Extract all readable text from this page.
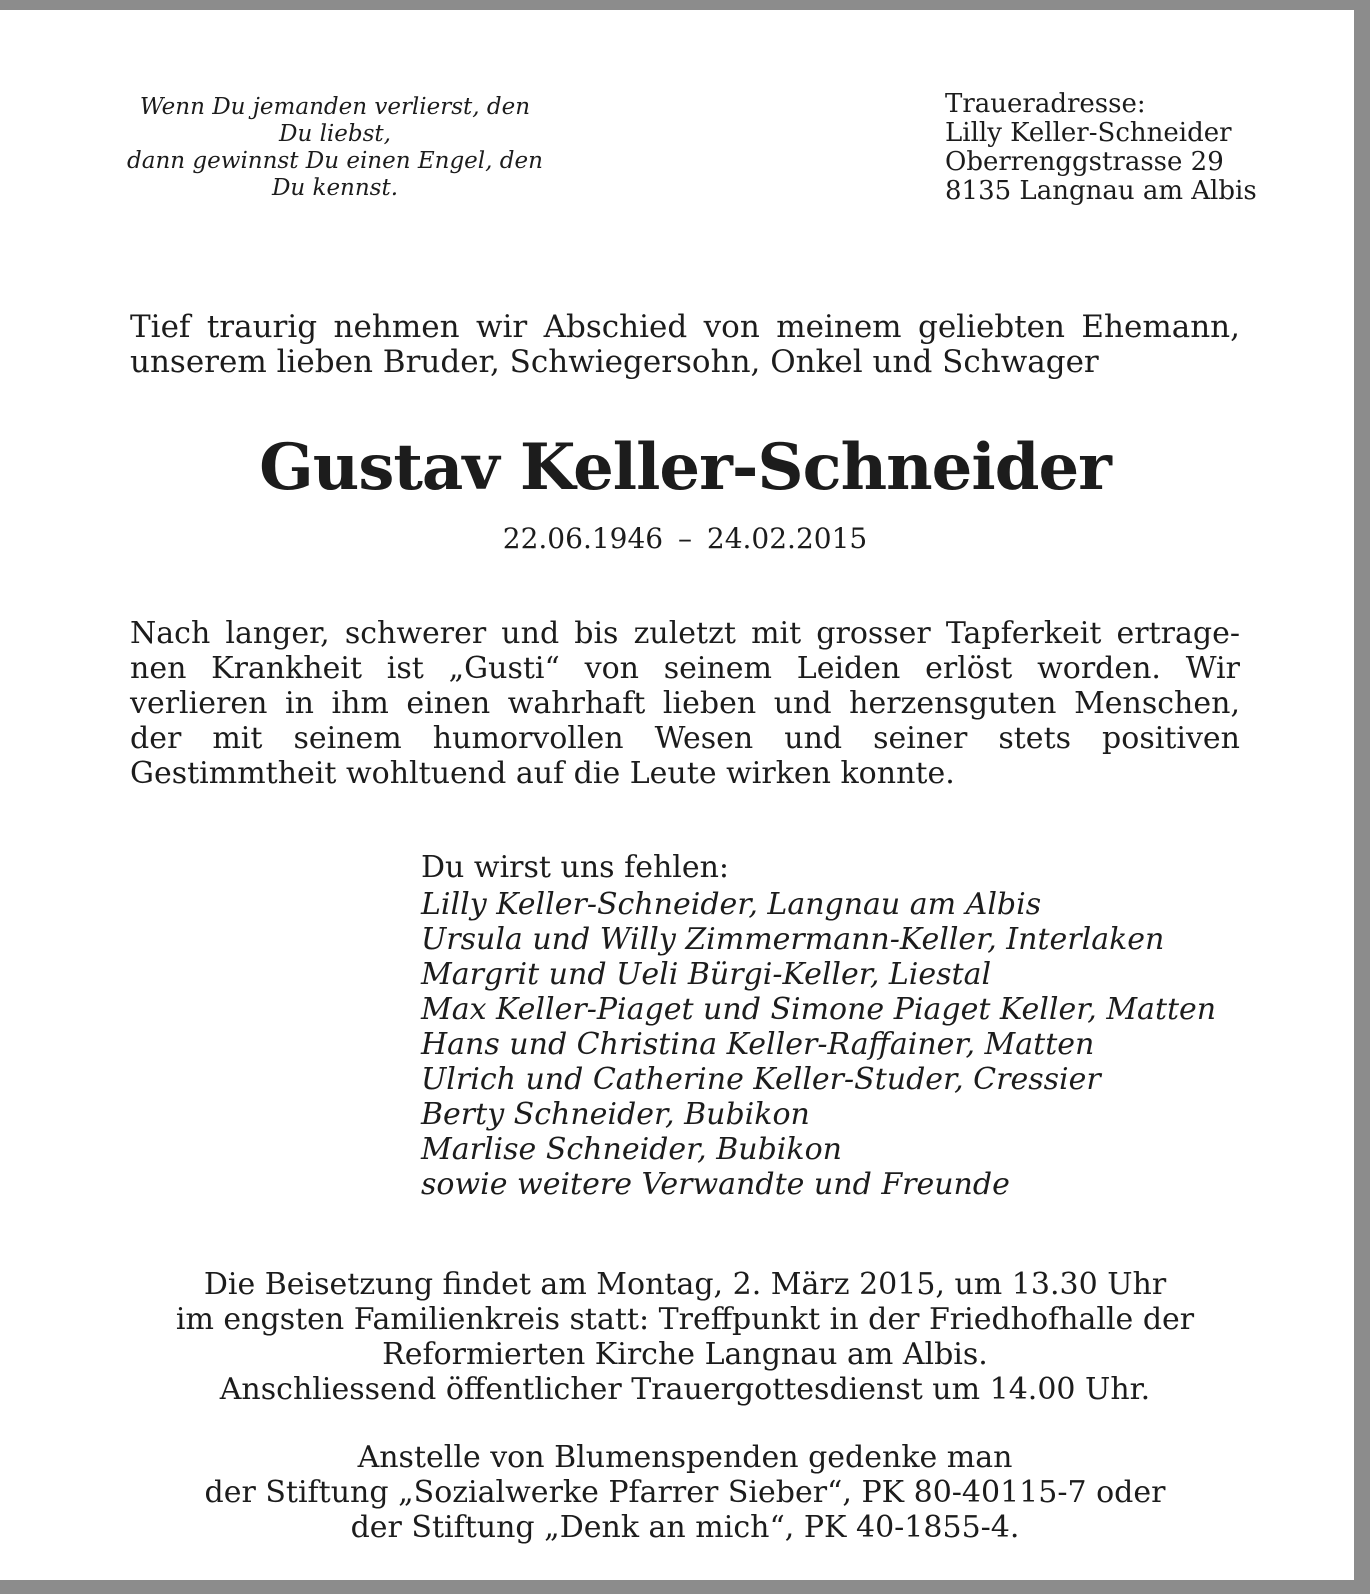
Wenn Du jemanden verlierst, den
Du liebst,
dann gewinnst Du einen Engel, den
Du kennst.
Traueradresse:
Lilly Keller-Schneider
Oberrenggstrasse 29
8135 Langnau am Albis
Tief traurig nehmen wir Abschied von meinem geliebten Ehemann,
unserem lieben Bruder, Schwiegersohn, Onkel und Schwager
Gustav Keller-Schneider
22.06.1946 – 24.02.2015
Nach langer, schwerer und bis zuletzt mit grosser Tapferkeit ertrage-
nen Krankheit ist „Gusti“ von seinem Leiden erlöst worden. Wir
verlieren in ihm einen wahrhaft lieben und herzensguten Menschen,
der mit seinem humorvollen Wesen und seiner stets positiven
Gestimmtheit wohltuend auf die Leute wirken konnte.
Du wirst uns fehlen:
Lilly Keller-Schneider, Langnau am Albis
Ursula und Willy Zimmermann-Keller, Interlaken
Margrit und Ueli Bürgi-Keller, Liestal
Max Keller-Piaget und Simone Piaget Keller, Matten
Hans und Christina Keller-Raffainer, Matten
Ulrich und Catherine Keller-Studer, Cressier
Berty Schneider, Bubikon
Marlise Schneider, Bubikon
sowie weitere Verwandte und Freunde
Die Beisetzung findet am Montag, 2. März 2015, um 13.30 Uhr
im engsten Familienkreis statt: Treffpunkt in der Friedhofhalle der
Reformierten Kirche Langnau am Albis.
Anschliessend öffentlicher Trauergottesdienst um 14.00 Uhr.
Anstelle von Blumenspenden gedenke man
der Stiftung „Sozialwerke Pfarrer Sieber“, PK 80-40115-7 oder
der Stiftung „Denk an mich“, PK 40-1855-4.
